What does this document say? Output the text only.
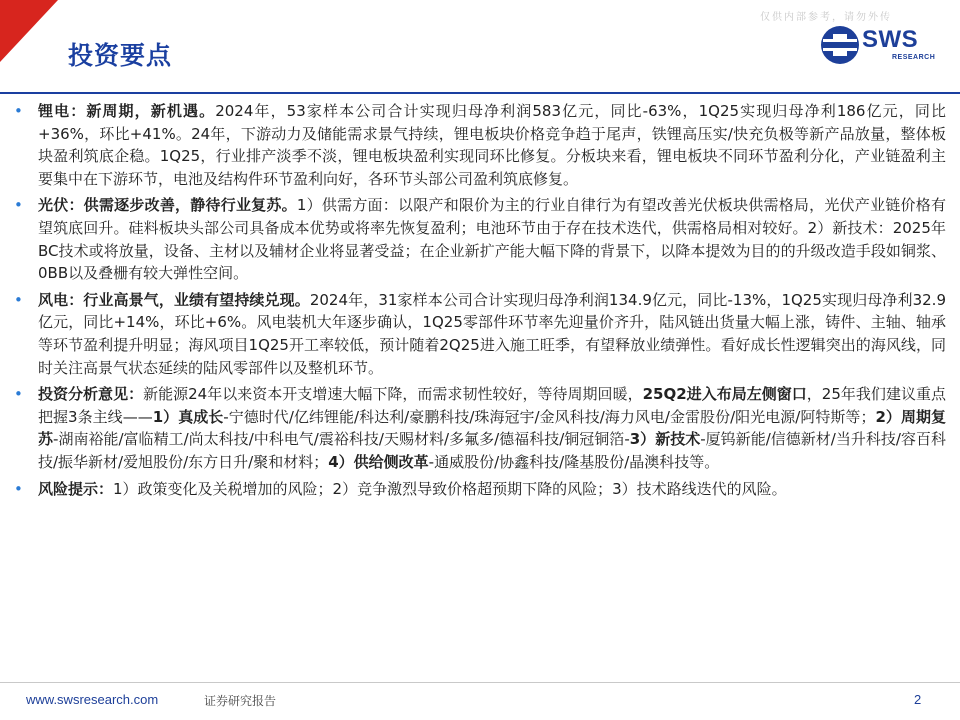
投资要点
仅供内部参考，请勿外传
SWS
RESEARCH
• 锂电：新周期，新机遇。2024年，53家样本公司合计实现归母净利润583亿元，同比-63%，1Q25实现归母净利186亿元，同比+36%，环比+41%。24年，下游动力及储能需求景气持续，锂电板块价格竞争趋于尾声，铁锂高压实/快充负极等新产品放量，整体板块盈利筑底企稳。1Q25，行业排产淡季不淡，锂电板块盈利实现同环比修复。分板块来看，锂电板块不同环节盈利分化，产业链盈利主要集中在下游环节，电池及结构件环节盈利向好，各环节头部公司盈利筑底修复。
• 光伏：供需逐步改善，静待行业复苏。1）供需方面：以限产和限价为主的行业自律行为有望改善光伏板块供需格局，光伏产业链价格有望筑底回升。硅料板块头部公司具备成本优势或将率先恢复盈利；电池环节由于存在技术迭代，供需格局相对较好。2）新技术：2025年BC技术或将放量，设备、主材以及辅材企业将显著受益；在企业新扩产能大幅下降的背景下，以降本提效为目的的升级改造手段如铜浆、0BB以及叠栅有较大弹性空间。
• 风电：行业高景气，业绩有望持续兑现。2024年，31家样本公司合计实现归母净利润134.9亿元，同比-13%，1Q25实现归母净利32.9亿元，同比+14%，环比+6%。风电装机大年逐步确认，1Q25零部件环节率先迎量价齐升，陆风链出货量大幅上涨，铸件、主轴、轴承等环节盈利提升明显；海风项目1Q25开工率较低，预计随着2Q25进入施工旺季，有望释放业绩弹性。看好成长性逻辑突出的海风线，同时关注高景气状态延续的陆风零部件以及整机环节。
• 投资分析意见：新能源24年以来资本开支增速大幅下降，而需求韧性较好，等待周期回暖，25Q2进入布局左侧窗口，25年我们建议重点把握3条主线——1）真成长-宁德时代/亿纬锂能/科达利/豪鹏科技/珠海冠宇/金风科技/海力风电/金雷股份/阳光电源/阿特斯等；2）周期复苏-湖南裕能/富临精工/尚太科技/中科电气/震裕科技/天赐材料/多氟多/德福科技/铜冠铜箔-3）新技术-厦钨新能/信德新材/当升科技/容百科技/振华新材/爱旭股份/东方日升/聚和材料；4）供给侧改革-通威股份/协鑫科技/隆基股份/晶澳科技等。
• 风险提示：1）政策变化及关税增加的风险；2）竞争激烈导致价格超预期下降的风险；3）技术路线迭代的风险。
www.swsresearch.com	证券研究报告	2
